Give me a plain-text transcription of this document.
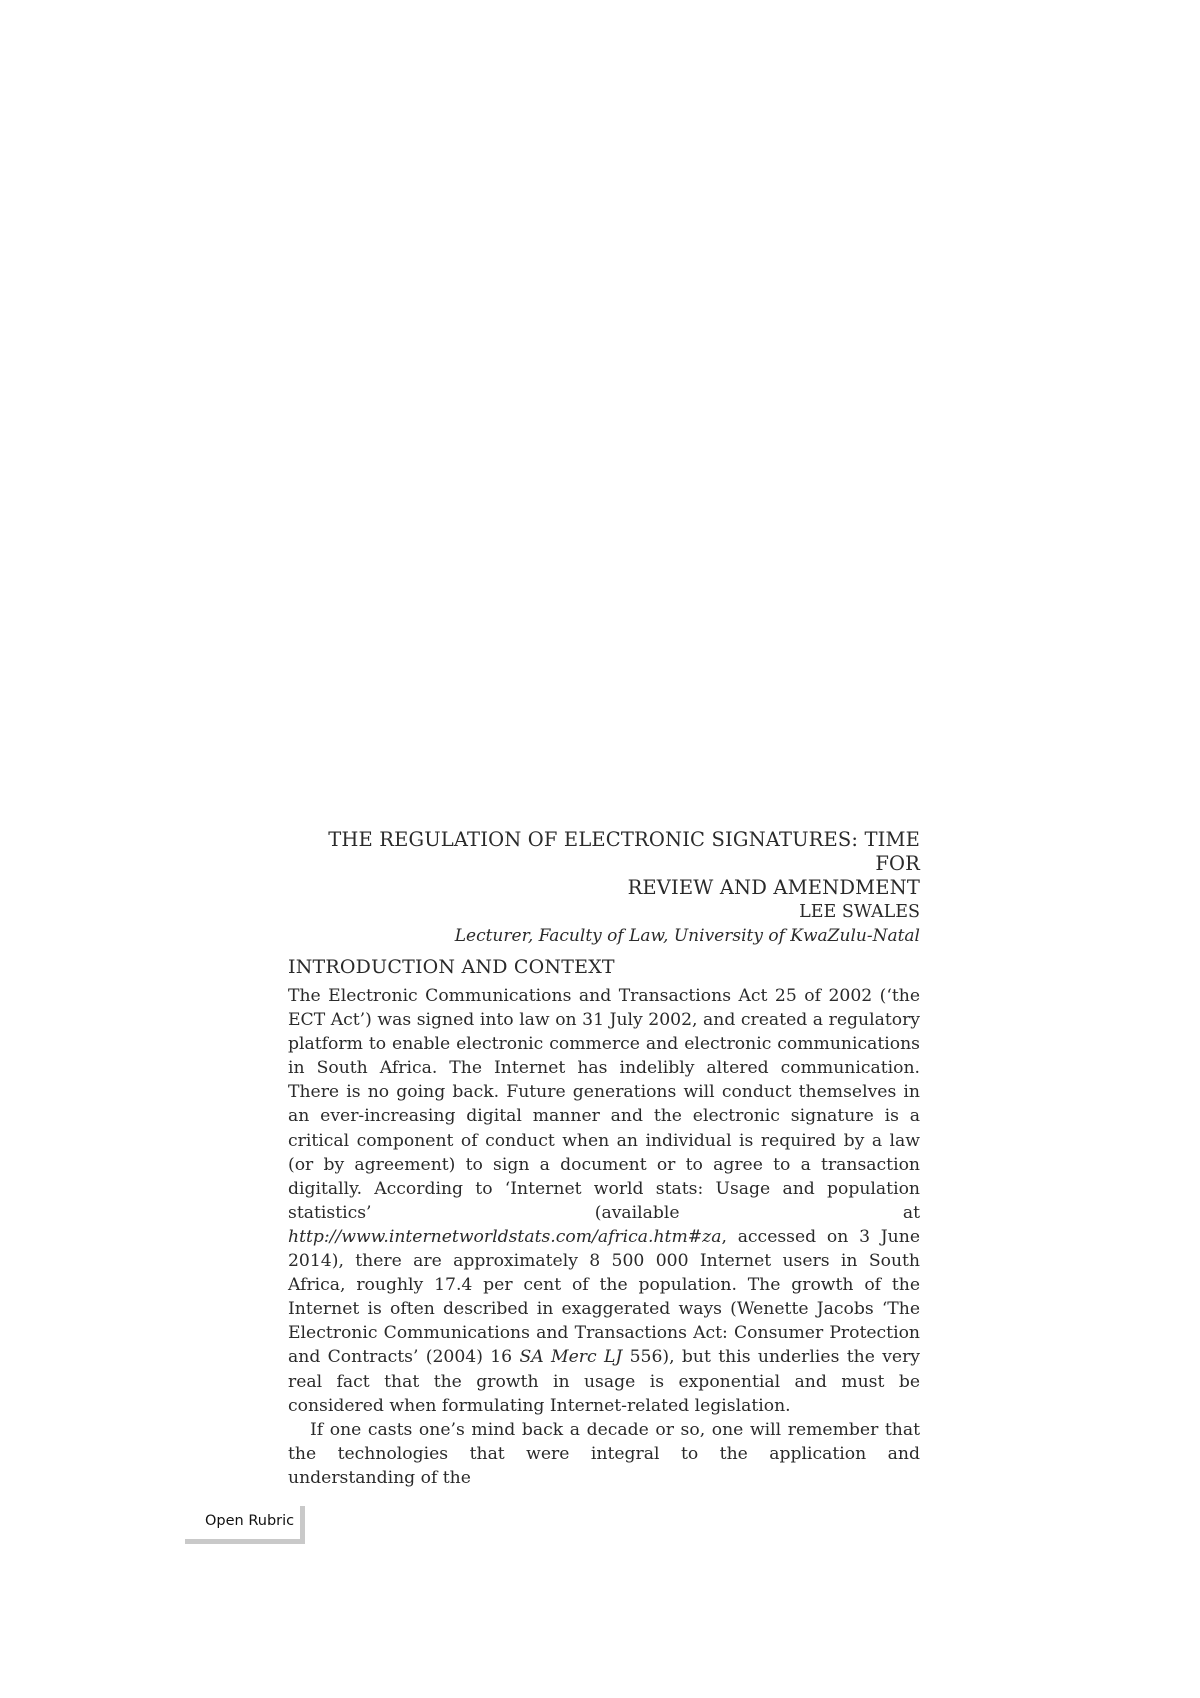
THE REGULATION OF ELECTRONIC SIGNATURES: TIME FOR
REVIEW AND AMENDMENT
LEE SWALES
Lecturer, Faculty of Law, University of KwaZulu-Natal
INTRODUCTION AND CONTEXT

The Electronic Communications and Transactions Act 25 of 2002 (‘the ECT Act’) was signed into law on 31 July 2002, and created a regulatory platform to enable electronic commerce and electronic communications in South Africa. The Internet has indelibly altered communication. There is no going back. Future generations will conduct themselves in an ever-increasing digital manner and the electronic signature is a critical component of conduct when an individual is required by a law (or by agreement) to sign a document or to agree to a transaction digitally. According to ‘Internet world stats: Usage and population statistics’ (available at http://www.internetworldstats.com/africa.htm#za, accessed on 3 June 2014), there are approximately 8 500 000 Internet users in South Africa, roughly 17.4 per cent of the population. The growth of the Internet is often described in exaggerated ways (Wenette Jacobs ‘The Electronic Communications and Transactions Act: Consumer Protection and Contracts’ (2004) 16 SA Merc LJ 556), but this underlies the very real fact that the growth in usage is exponential and must be considered when formulating Internet-related legislation.

If one casts one’s mind back a decade or so, one will remember that the technologies that were integral to the application and understanding of the

Open Rubric
